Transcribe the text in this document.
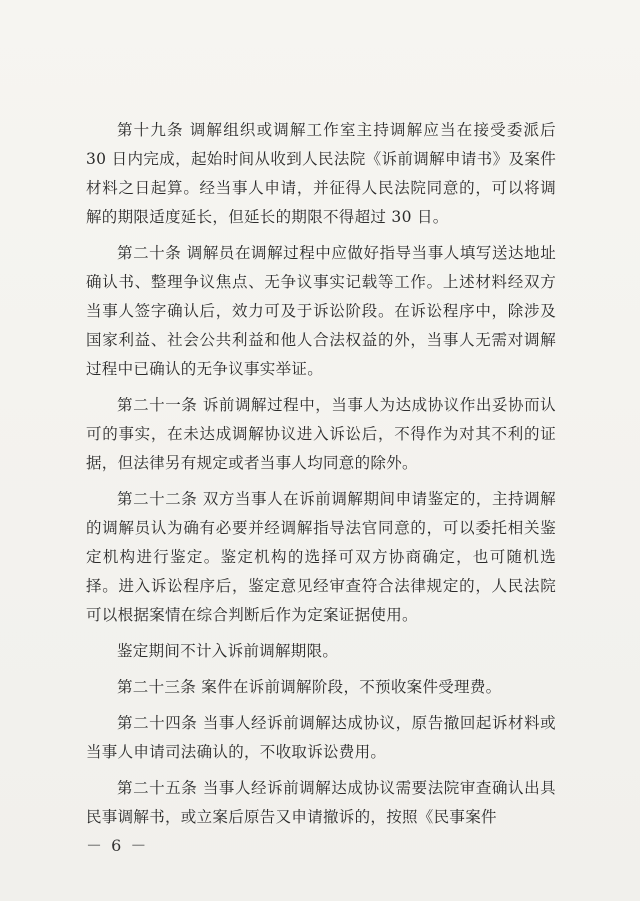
第十九条 调解组织或调解工作室主持调解应当在接受委派后 30 日内完成，起始时间从收到人民法院《诉前调解申请书》及案件材料之日起算。经当事人申请，并征得人民法院同意的，可以将调解的期限适度延长，但延长的期限不得超过 30 日。

第二十条 调解员在调解过程中应做好指导当事人填写送达地址确认书、整理争议焦点、无争议事实记载等工作。上述材料经双方当事人签字确认后，效力可及于诉讼阶段。在诉讼程序中，除涉及国家利益、社会公共利益和他人合法权益的外，当事人无需对调解过程中已确认的无争议事实举证。

第二十一条 诉前调解过程中，当事人为达成协议作出妥协而认可的事实，在未达成调解协议进入诉讼后，不得作为对其不利的证据，但法律另有规定或者当事人均同意的除外。

第二十二条 双方当事人在诉前调解期间申请鉴定的，主持调解的调解员认为确有必要并经调解指导法官同意的，可以委托相关鉴定机构进行鉴定。鉴定机构的选择可双方协商确定，也可随机选择。进入诉讼程序后，鉴定意见经审查符合法律规定的，人民法院可以根据案情在综合判断后作为定案证据使用。

鉴定期间不计入诉前调解期限。

第二十三条 案件在诉前调解阶段，不预收案件受理费。

第二十四条 当事人经诉前调解达成协议，原告撤回起诉材料或当事人申请司法确认的，不收取诉讼费用。

第二十五条 当事人经诉前调解达成协议需要法院审查确认出具民事调解书，或立案后原告又申请撤诉的，按照《民事案件

－ 6 －
